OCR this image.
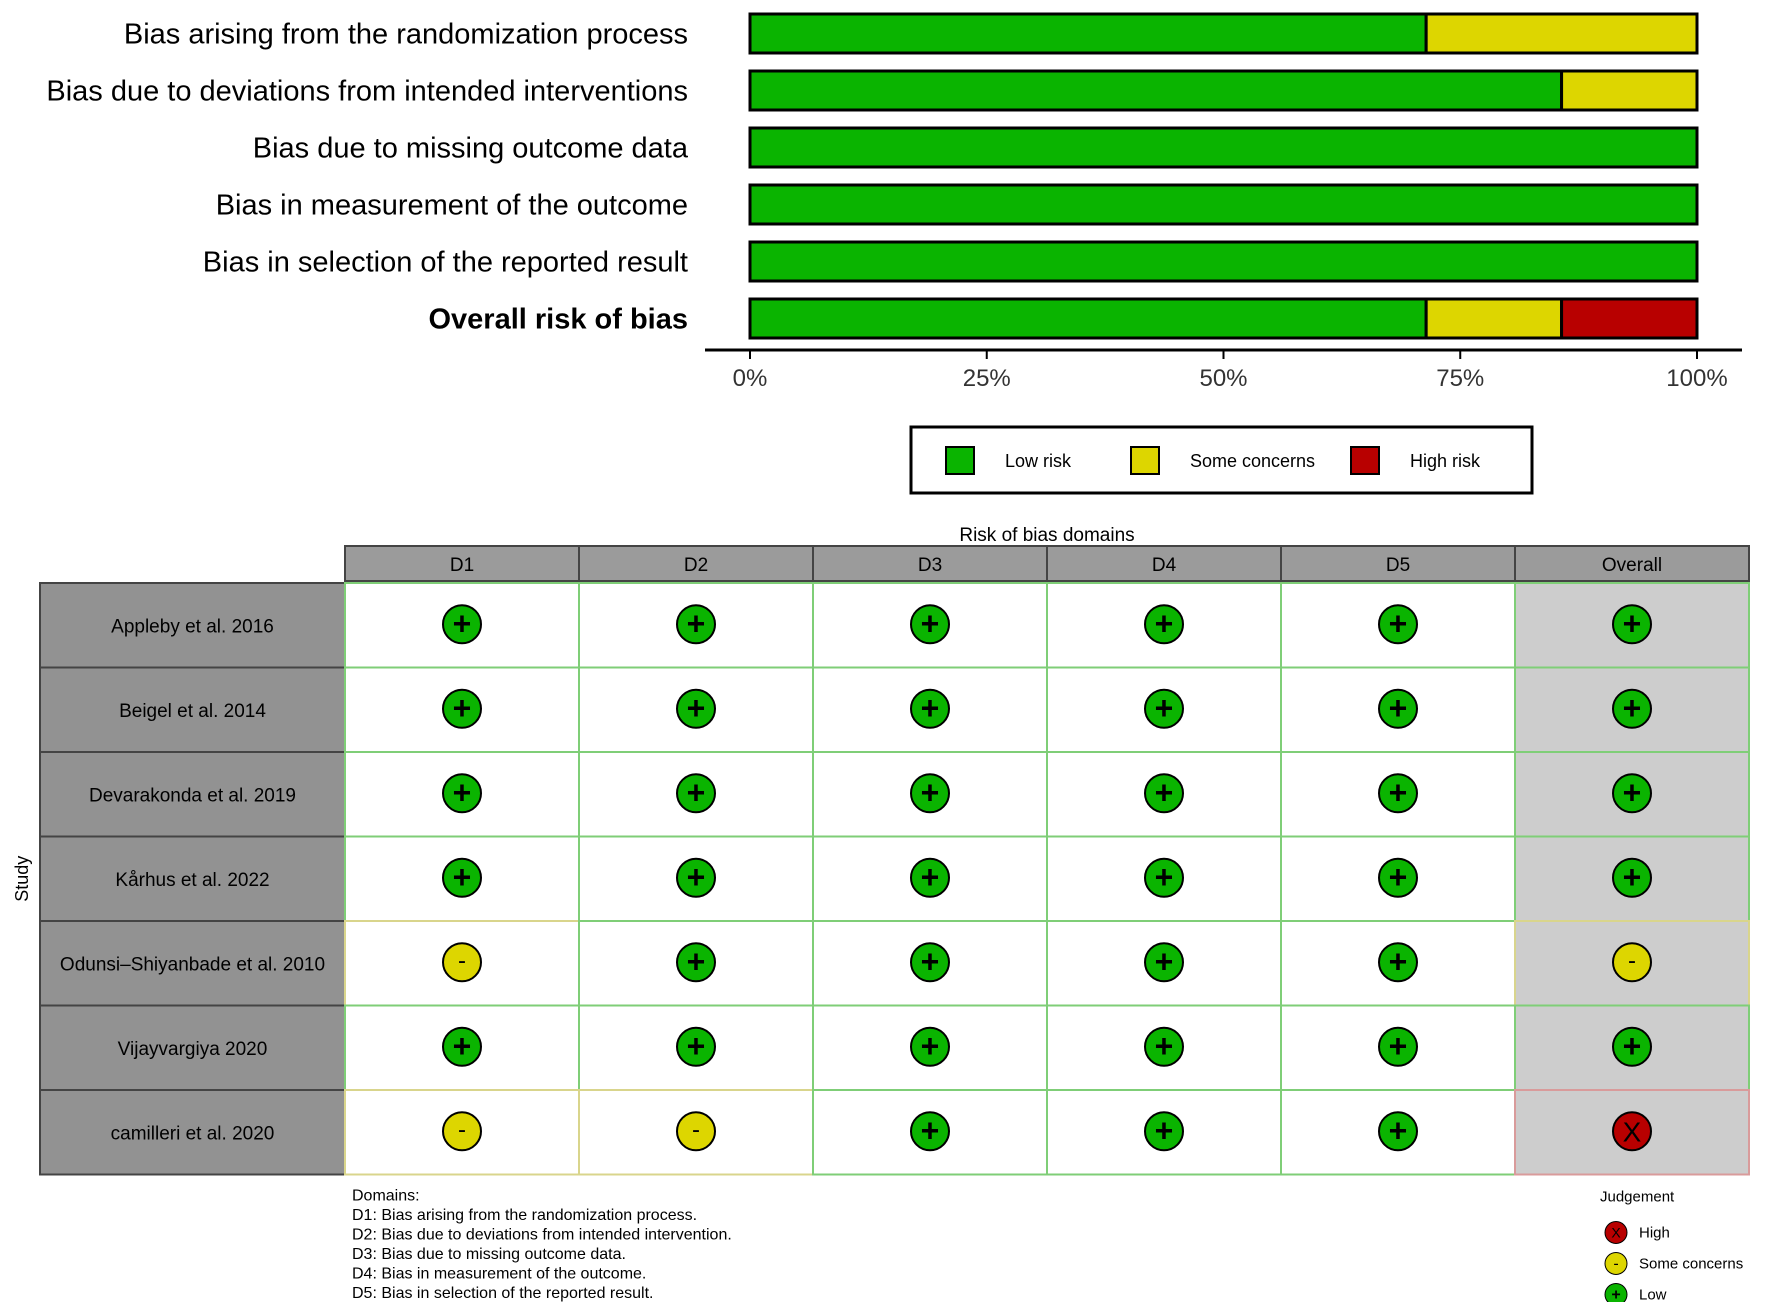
Bias arising from the randomization process
Bias due to deviations from intended interventions
Bias due to missing outcome data
Bias in measurement of the outcome
Bias in selection of the reported result
Overall risk of bias
0%	25%	50%	75%	100%
Low risk	Some concerns	High risk
Risk of bias domains
Study
D1	D2	D3	D4	D5	Overall
Appleby et al. 2016	+	+	+	+	+	+
Beigel et al. 2014	+	+	+	+	+	+
Devarakonda et al. 2019	+	+	+	+	+	+
Kårhus et al. 2022	+	+	+	+	+	+
Odunsi–Shiyanbade et al. 2010	-	+	+	+	+	-
Vijayvargiya 2020	+	+	+	+	+	+
camilleri et al. 2020	-	-	+	+	+	X
Domains:
D1: Bias arising from the randomization process.
D2: Bias due to deviations from intended intervention.
D3: Bias due to missing outcome data.
D4: Bias in measurement of the outcome.
D5: Bias in selection of the reported result.
Judgement
X High
- Some concerns
+ Low
